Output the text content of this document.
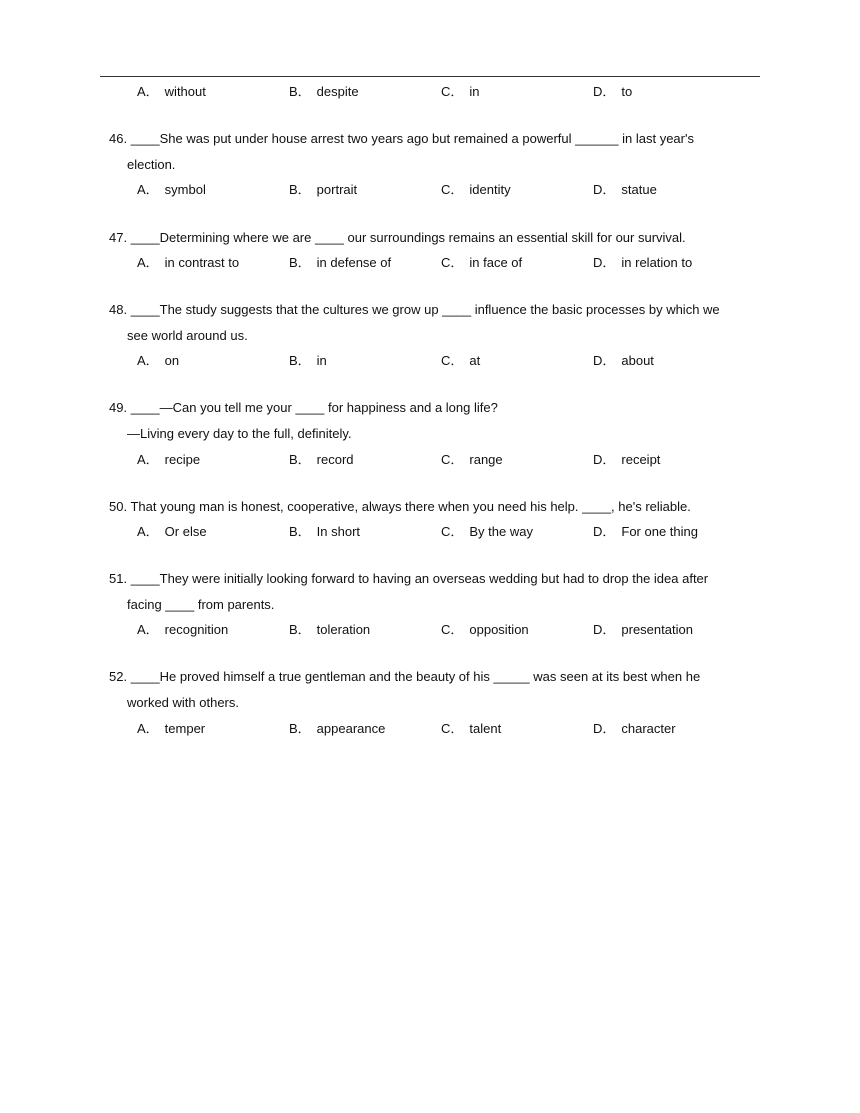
A． without	B． despite	C． in	D． to
46. ____She was put under house arrest two years ago but remained a powerful ______ in last year's
election.
A． symbol	B． portrait	C． identity	D． statue
47. ____Determining where we are ____ our surroundings remains an essential skill for our survival.
A． in contrast to	B． in defense of	C． in face of	D． in relation to
48. ____The study suggests that the cultures we grow up ____ influence the basic processes by which we
see world around us.
A． on	B． in	C． at	D． about
49. ____—Can you tell me your ____ for happiness and a long life?
—Living every day to the full, definitely.
A． recipe	B． record	C． range	D． receipt
50. That young man is honest, cooperative, always there when you need his help. ____, he's reliable.
A． Or else	B． In short	C． By the way	D． For one thing
51. ____They were initially looking forward to having an overseas wedding but had to drop the idea after
facing ____ from parents.
A． recognition	B． toleration	C． opposition	D． presentation
52. ____He proved himself a true gentleman and the beauty of his _____ was seen at its best when he
worked with others.
A． temper	B． appearance	C． talent	D． character
